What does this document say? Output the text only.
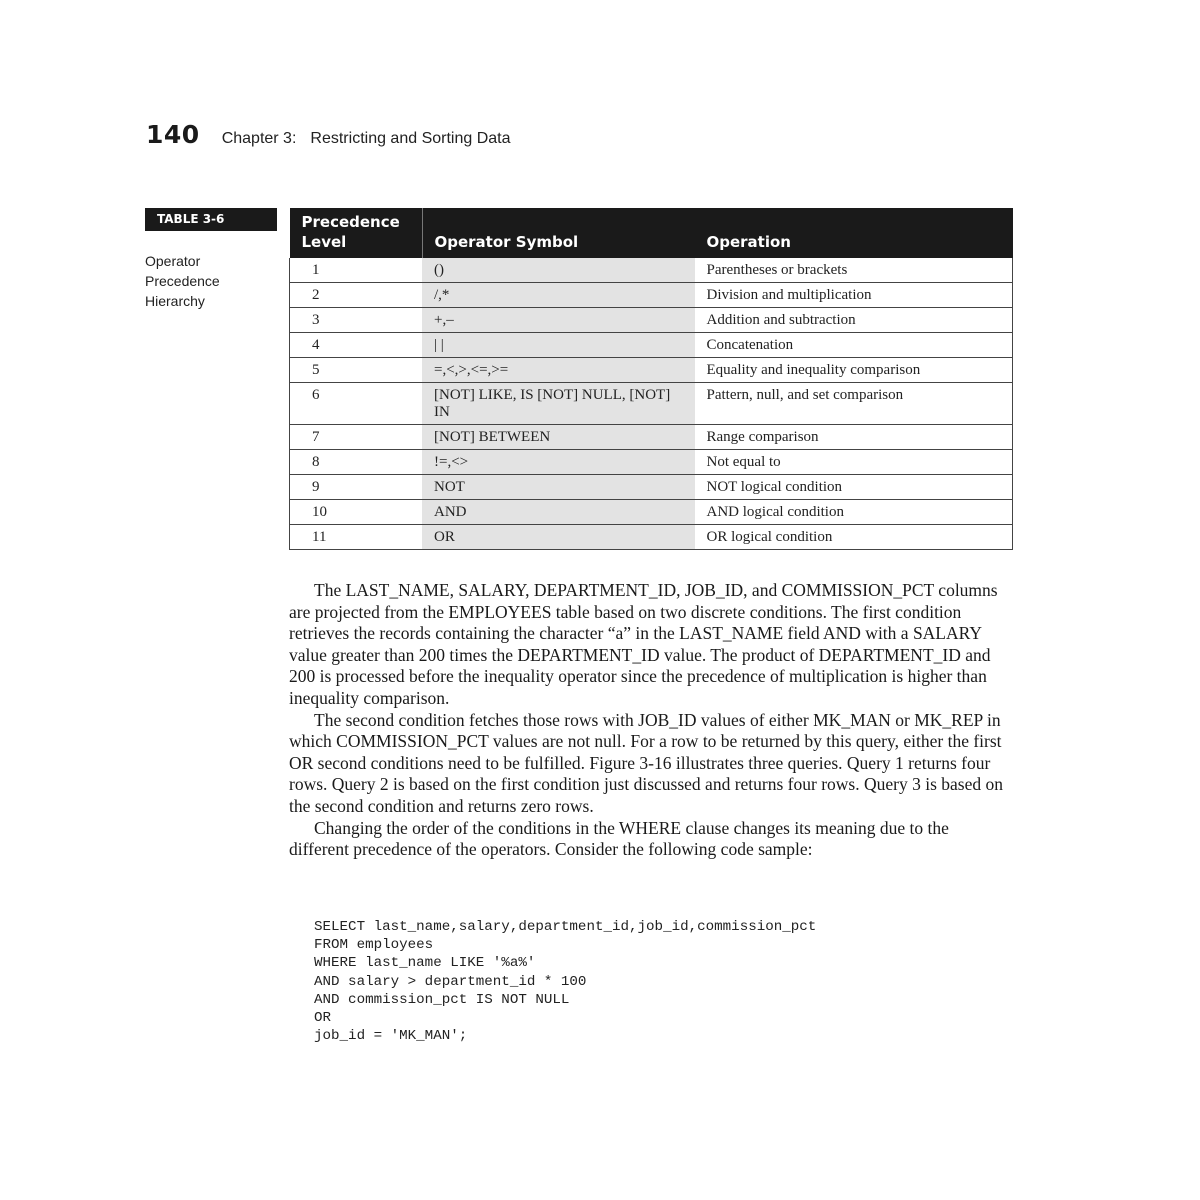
140 Chapter 3: Restricting and Sorting Data
TABLE 3-6
Operator Precedence Hierarchy
Precedence Level	Operator Symbol	Operation
1	()	Parentheses or brackets
2	/,*	Division and multiplication
3	+,–	Addition and subtraction
4	| |	Concatenation
5	=,<,>,<=,>=	Equality and inequality comparison
6	[NOT] LIKE, IS [NOT] NULL, [NOT] IN	Pattern, null, and set comparison
7	[NOT] BETWEEN	Range comparison
8	!=,<>	Not equal to
9	NOT	NOT logical condition
10	AND	AND logical condition
11	OR	OR logical condition

The LAST_NAME, SALARY, DEPARTMENT_ID, JOB_ID, and COMMISSION_PCT columns are projected from the EMPLOYEES table based on two discrete conditions. The first condition retrieves the records containing the character “a” in the LAST_NAME field AND with a SALARY value greater than 200 times the DEPARTMENT_ID value. The product of DEPARTMENT_ID and 200 is processed before the inequality operator since the precedence of multiplication is higher than inequality comparison.

The second condition fetches those rows with JOB_ID values of either MK_MAN or MK_REP in which COMMISSION_PCT values are not null. For a row to be returned by this query, either the first OR second conditions need to be fulfilled. Figure 3-16 illustrates three queries. Query 1 returns four rows. Query 2 is based on the first condition just discussed and returns four rows. Query 3 is based on the second condition and returns zero rows.

Changing the order of the conditions in the WHERE clause changes its meaning due to the different precedence of the operators. Consider the following code sample:

SELECT last_name,salary,department_id,job_id,commission_pct
FROM employees
WHERE last_name LIKE '%a%'
AND salary > department_id * 100
AND commission_pct IS NOT NULL
OR
job_id = 'MK_MAN';
